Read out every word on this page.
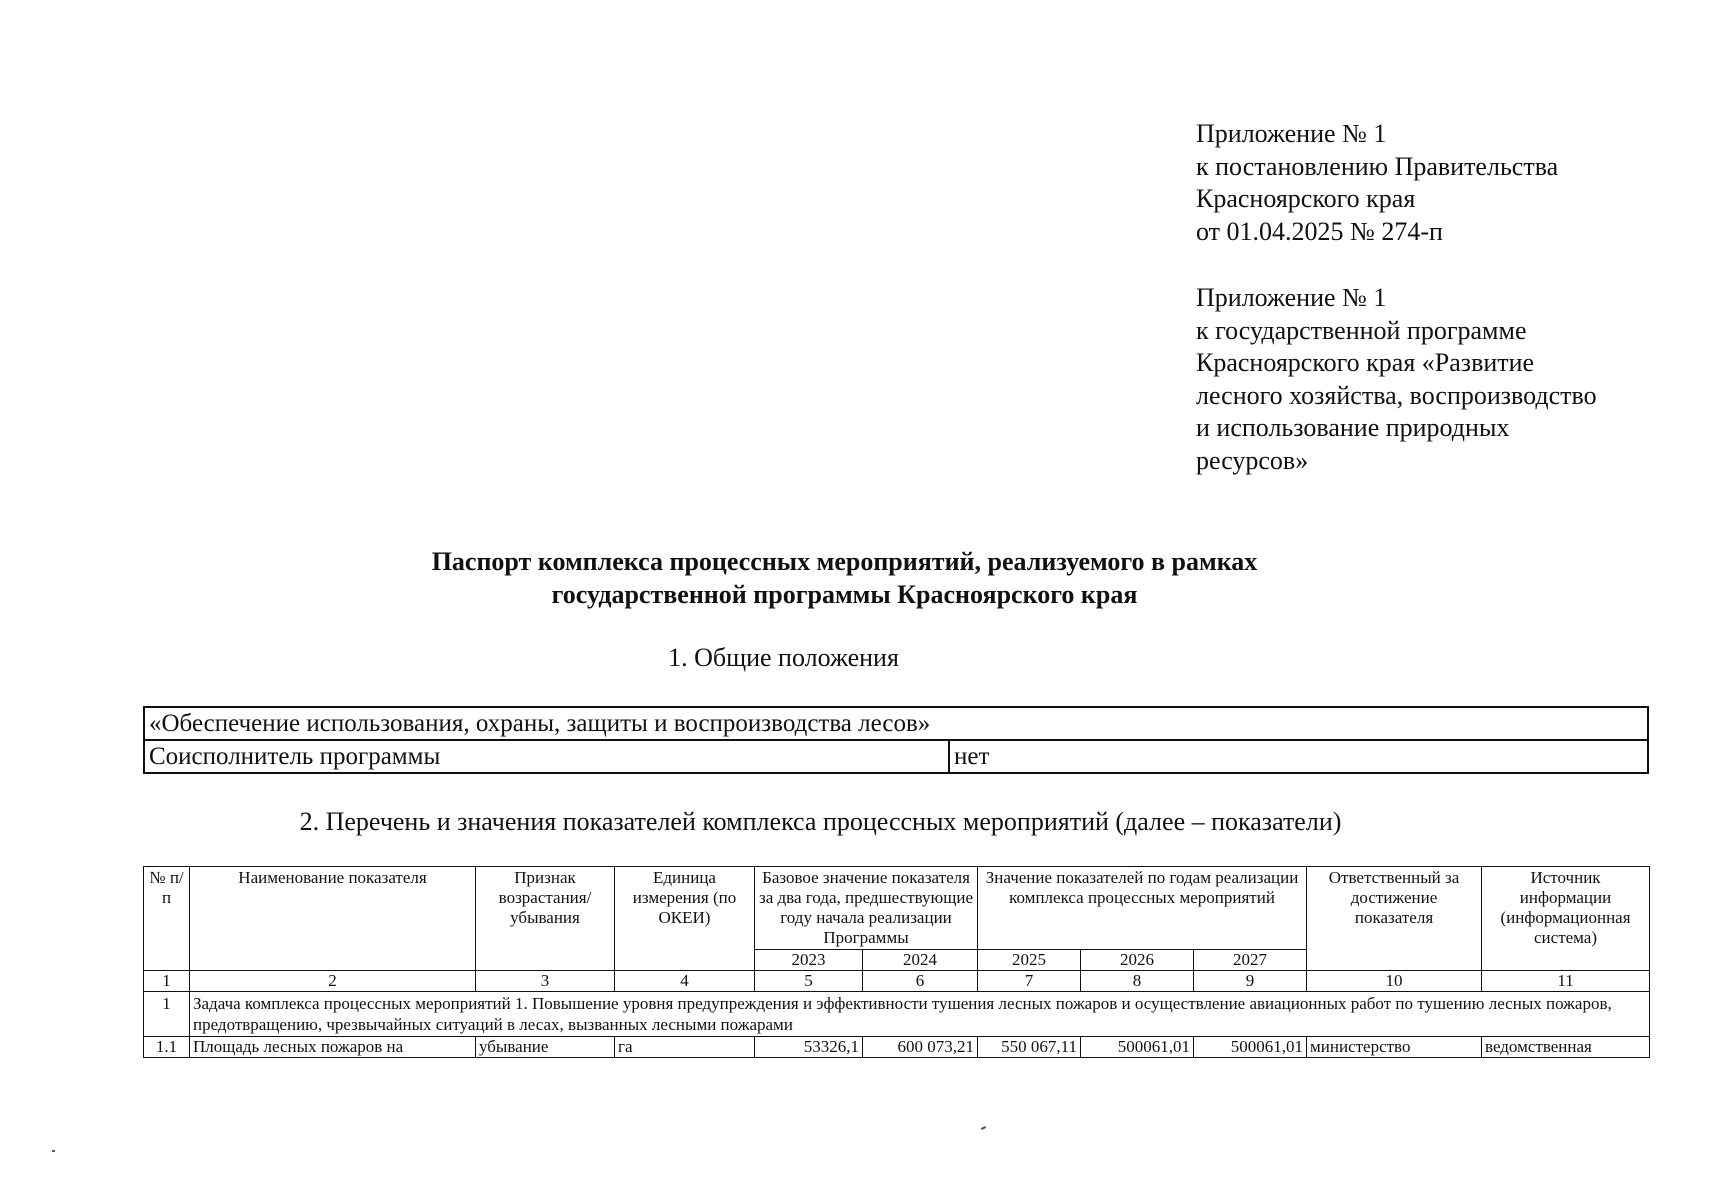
Приложение № 1
к постановлению Правительства
Красноярского края
от 01.04.2025 № 274-п
Приложение № 1
к государственной программе
Красноярского края «Развитие
лесного хозяйства, воспроизводство
и использование природных
ресурсов»
Паспорт комплекса процессных мероприятий, реализуемого в рамках
государственной программы Красноярского края
1. Общие положения
«Обеспечение использования, охраны, защиты и воспроизводства лесов»
Соисполнитель программы	нет
2. Перечень и значения показателей комплекса процессных мероприятий (далее – показатели)
№ п/п	Наименование показателя	Признак возрастания/ убывания	Единица измерения (по ОКЕИ)	Базовое значение показателя за два года, предшествующие году начала реализации Программы		Значение показателей по годам реализации комплекса процессных мероприятий			Ответственный за достижение показателя	Источник информации (информационная система)
				2023	2024	2025	2026	2027		
1	2	3	4	5	6	7	8	9	10	11
1	Задача комплекса процессных мероприятий 1. Повышение уровня предупреждения и эффективности тушения лесных пожаров и осуществление авиационных работ по тушению лесных пожаров, предотвращению, чрезвычайных ситуаций в лесах, вызванных лесными пожарами									
1.1	Площадь лесных пожаров на	убывание	га	53326,1	600 073,21	550 067,11	500061,01	500061,01	министерство	ведомственная
